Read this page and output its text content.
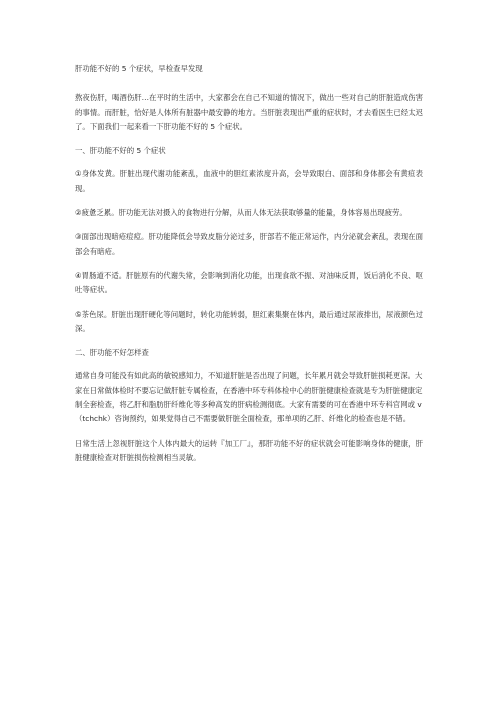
肝功能不好的 5 个症状，早检查早发现

熬夜伤肝，喝酒伤肝…在平时的生活中，大家都会在自己不知道的情况下，做出一些对自己的肝脏造成伤害的事情。而肝脏，恰好是人体所有脏器中最安静的地方。当肝脏表现出严重的症状时，才去看医生已经太迟了。下面我们一起来看一下肝功能不好的 5 个症状。

一、肝功能不好的 5 个症状

①身体发黄。肝脏出现代谢功能紊乱，血液中的胆红素浓度升高，会导致眼白、面部和身体都会有黄疸表现。

②疲惫乏累。肝功能无法对摄入的食物进行分解，从而人体无法获取够量的能量，身体容易出现疲劳。

③面部出现暗疮痘痘。肝功能降低会导致皮脂分泌过多，肝部若不能正常运作，内分泌就会紊乱，表现在面部会有暗疮。

④胃肠道不适。肝脏原有的代谢失常，会影响到消化功能，出现食欲不振、对油味反胃，饭后消化不良、呕吐等症状。

⑤茶色尿。肝脏出现肝硬化等问题时，转化功能转弱，胆红素集聚在体内，最后通过尿液排出，尿液颜色过深。

二、肝功能不好怎样查

通常自身可能没有如此高的敏锐感知力，不知道肝脏是否出现了问题，长年累月就会导致肝脏损耗更深。大家在日常做体检时不要忘记做肝脏专属检查，在香港中环专科体检中心的肝脏健康检查就是专为肝脏健康定制全套检查，将乙肝和脂肪肝纤维化等多种高发的肝病检测彻底。大家有需要的可在香港中环专科官网或 v（tchchk）咨询预约，如果觉得自己不需要做肝脏全面检查，那单项的乙肝、纤维化的检查也是不错。

日常生活上忽视肝脏这个人体内最大的运转『加工厂』，那肝功能不好的症状就会可能影响身体的健康，肝脏健康检查对肝脏损伤检测相当灵敏。
